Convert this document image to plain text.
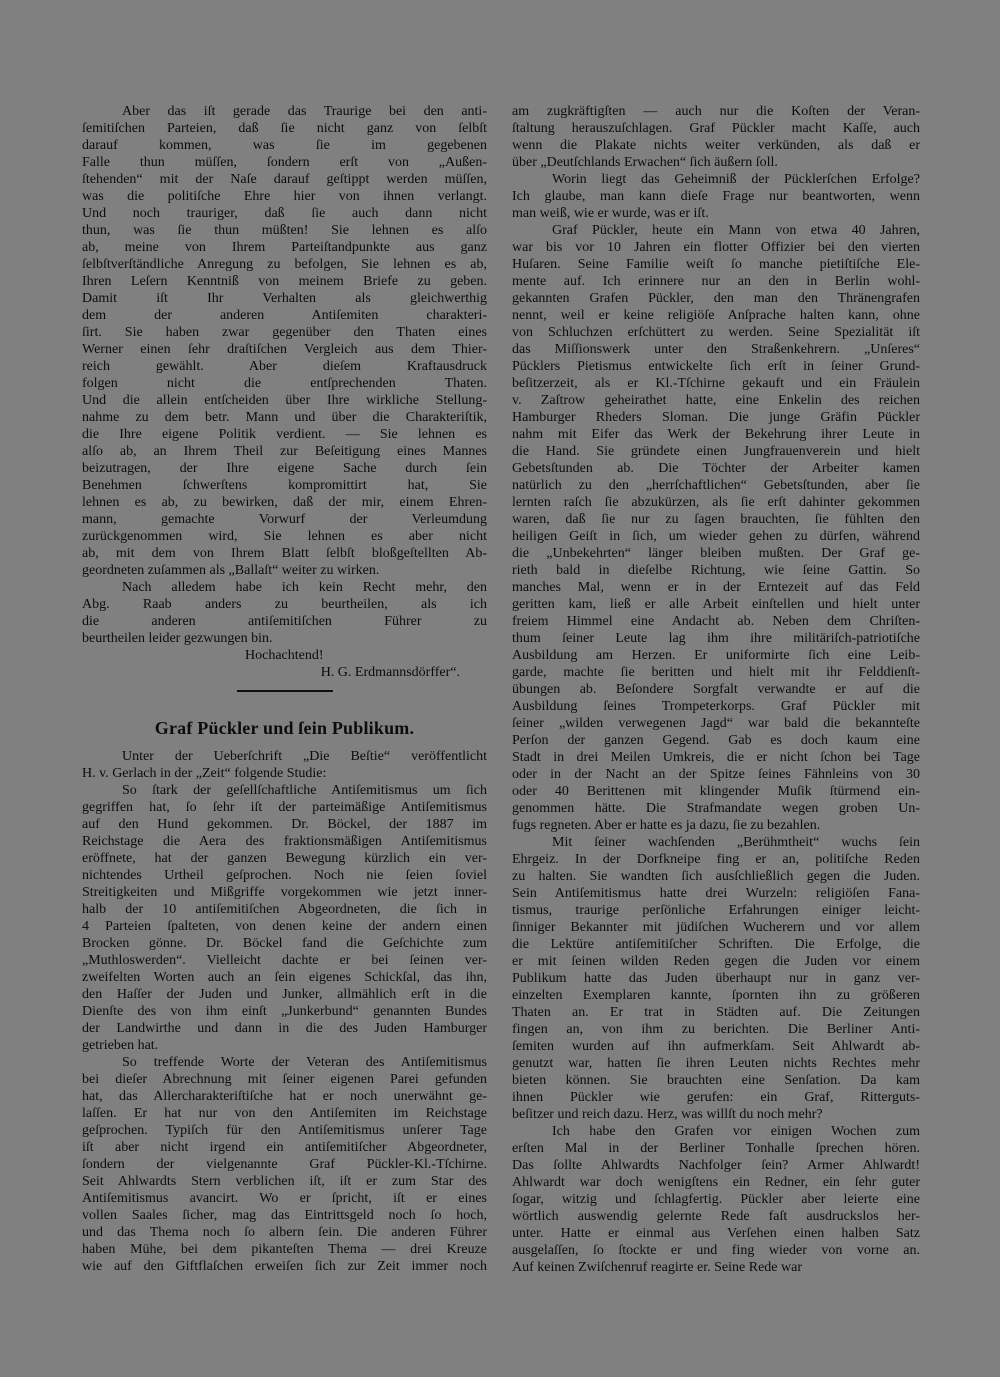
Aber das iſt gerade das Traurige bei den anti-
ſemitiſchen Parteien, daß ſie nicht ganz von ſelbſt
darauf kommen, was ſie im gegebenen
Falle thun müſſen, ſondern erſt von „Außen-
ſtehenden“ mit der Naſe darauf geſtippt werden müſſen,
was die politiſche Ehre hier von ihnen verlangt.
Und noch trauriger, daß ſie auch dann nicht
thun, was ſie thun müßten! Sie lehnen es alſo
ab, meine von Ihrem Parteiſtandpunkte aus ganz
ſelbſtverſtändliche Anregung zu befolgen, Sie lehnen es ab,
Ihren Leſern Kenntniß von meinem Briefe zu geben.
Damit iſt Ihr Verhalten als gleichwerthig
dem der anderen Antiſemiten charakteri-
ſirt. Sie haben zwar gegenüber den Thaten eines
Werner einen ſehr draſtiſchen Vergleich aus dem Thier-
reich gewählt. Aber dieſem Kraftausdruck
folgen nicht die entſprechenden Thaten.
Und die allein entſcheiden über Ihre wirkliche Stellung-
nahme zu dem betr. Mann und über die Charakteriſtik,
die Ihre eigene Politik verdient. — Sie lehnen es
alſo ab, an Ihrem Theil zur Beſeitigung eines Mannes
beizutragen, der Ihre eigene Sache durch ſein
Benehmen ſchwerſtens kompromittirt hat, Sie
lehnen es ab, zu bewirken, daß der mir, einem Ehren-
mann, gemachte Vorwurf der Verleumdung
zurückgenommen wird, Sie lehnen es aber nicht
ab, mit dem von Ihrem Blatt ſelbſt bloßgeſtellten Ab-
geordneten zuſammen als „Ballaſt“ weiter zu wirken.
Nach alledem habe ich kein Recht mehr, den
Abg. Raab anders zu beurtheilen, als ich
die anderen antiſemitiſchen Führer zu
beurtheilen leider gezwungen bin.
Hochachtend!
H. G. Erdmannsdörffer“.
Graf Pückler und ſein Publikum.
Unter der Ueberſchrift „Die Beſtie“ veröffentlicht
H. v. Gerlach in der „Zeit“ folgende Studie:
So ſtark der geſellſchaftliche Antiſemitismus um ſich
gegriffen hat, ſo ſehr iſt der parteimäßige Antiſemitismus
auf den Hund gekommen. Dr. Böckel, der 1887 im
Reichstage die Aera des fraktionsmäßigen Antiſemitismus
eröffnete, hat der ganzen Bewegung kürzlich ein ver-
nichtendes Urtheil geſprochen. Noch nie ſeien ſoviel
Streitigkeiten und Mißgriffe vorgekommen wie jetzt inner-
halb der 10 antiſemitiſchen Abgeordneten, die ſich in
4 Parteien ſpalteten, von denen keine der andern einen
Brocken gönne. Dr. Böckel fand die Geſchichte zum
„Muthloswerden“. Vielleicht dachte er bei ſeinen ver-
zweifelten Worten auch an ſein eigenes Schickſal, das ihn,
den Haſſer der Juden und Junker, allmählich erſt in die
Dienſte des von ihm einſt „Junkerbund“ genannten Bundes
der Landwirthe und dann in die des Juden Hamburger
getrieben hat.
So treffende Worte der Veteran des Antiſemitismus
bei dieſer Abrechnung mit ſeiner eigenen Parei gefunden
hat, das Allercharakteriſtiſche hat er noch unerwähnt ge-
laſſen. Er hat nur von den Antiſemiten im Reichstage
geſprochen. Typiſch für den Antiſemitismus unſerer Tage
iſt aber nicht irgend ein antiſemitiſcher Abgeordneter,
ſondern der vielgenannte Graf Pückler-Kl.-Tſchirne.
Seit Ahlwardts Stern verblichen iſt, iſt er zum Star des
Antiſemitismus avancirt. Wo er ſpricht, iſt er eines
vollen Saales ſicher, mag das Eintrittsgeld noch ſo hoch,
und das Thema noch ſo albern ſein. Die anderen Führer
haben Mühe, bei dem pikanteſten Thema — drei Kreuze
wie auf den Giftflaſchen erweiſen ſich zur Zeit immer noch
am zugkräftigſten — auch nur die Koſten der Veran-
ſtaltung herauszuſchlagen. Graf Pückler macht Kaſſe, auch
wenn die Plakate nichts weiter verkünden, als daß er
über „Deutſchlands Erwachen“ ſich äußern ſoll.
Worin liegt das Geheimniß der Pücklerſchen Erfolge?
Ich glaube, man kann dieſe Frage nur beantworten, wenn
man weiß, wie er wurde, was er iſt.
Graf Pückler, heute ein Mann von etwa 40 Jahren,
war bis vor 10 Jahren ein flotter Offizier bei den vierten
Huſaren. Seine Familie weiſt ſo manche pietiſtiſche Ele-
mente auf. Ich erinnere nur an den in Berlin wohl-
gekannten Grafen Pückler, den man den Thränengrafen
nennt, weil er keine religiöſe Anſprache halten kann, ohne
von Schluchzen erſchüttert zu werden. Seine Spezialität iſt
das Miſſionswerk unter den Straßenkehrern. „Unſeres“
Pücklers Pietismus entwickelte ſich erſt in ſeiner Grund-
beſitzerzeit, als er Kl.-Tſchirne gekauft und ein Fräulein
v. Zaſtrow geheirathet hatte, eine Enkelin des reichen
Hamburger Rheders Sloman. Die junge Gräfin Pückler
nahm mit Eifer das Werk der Bekehrung ihrer Leute in
die Hand. Sie gründete einen Jungfrauenverein und hielt
Gebetsſtunden ab. Die Töchter der Arbeiter kamen
natürlich zu den „herrſchaftlichen“ Gebetsſtunden, aber ſie
lernten raſch ſie abzukürzen, als ſie erſt dahinter gekommen
waren, daß ſie nur zu ſagen brauchten, ſie fühlten den
heiligen Geiſt in ſich, um wieder gehen zu dürfen, während
die „Unbekehrten“ länger bleiben mußten. Der Graf ge-
rieth bald in dieſelbe Richtung, wie ſeine Gattin. So
manches Mal, wenn er in der Erntezeit auf das Feld
geritten kam, ließ er alle Arbeit einſtellen und hielt unter
freiem Himmel eine Andacht ab. Neben dem Chriſten-
thum ſeiner Leute lag ihm ihre militäriſch-patriotiſche
Ausbildung am Herzen. Er uniformirte ſich eine Leib-
garde, machte ſie beritten und hielt mit ihr Felddienſt-
übungen ab. Beſondere Sorgfalt verwandte er auf die
Ausbildung ſeines Trompeterkorps. Graf Pückler mit
ſeiner „wilden verwegenen Jagd“ war bald die bekannteſte
Perſon der ganzen Gegend. Gab es doch kaum eine
Stadt in drei Meilen Umkreis, die er nicht ſchon bei Tage
oder in der Nacht an der Spitze ſeines Fähnleins von 30
oder 40 Berittenen mit klingender Muſik ſtürmend ein-
genommen hätte. Die Strafmandate wegen groben Un-
fugs regneten. Aber er hatte es ja dazu, ſie zu bezahlen.
Mit ſeiner wachſenden „Berühmtheit“ wuchs ſein
Ehrgeiz. In der Dorfkneipe fing er an, politiſche Reden
zu halten. Sie wandten ſich ausſchließlich gegen die Juden.
Sein Antiſemitismus hatte drei Wurzeln: religiöſen Fana-
tismus, traurige perſönliche Erfahrungen einiger leicht-
ſinniger Bekannter mit jüdiſchen Wucherern und vor allem
die Lektüre antiſemitiſcher Schriften. Die Erfolge, die
er mit ſeinen wilden Reden gegen die Juden vor einem
Publikum hatte das Juden überhaupt nur in ganz ver-
einzelten Exemplaren kannte, ſpornten ihn zu größeren
Thaten an. Er trat in Städten auf. Die Zeitungen
fingen an, von ihm zu berichten. Die Berliner Anti-
ſemiten wurden auf ihn aufmerkſam. Seit Ahlwardt ab-
genutzt war, hatten ſie ihren Leuten nichts Rechtes mehr
bieten können. Sie brauchten eine Senſation. Da kam
ihnen Pückler wie gerufen: ein Graf, Ritterguts-
beſitzer und reich dazu. Herz, was willſt du noch mehr?
Ich habe den Grafen vor einigen Wochen zum
erſten Mal in der Berliner Tonhalle ſprechen hören.
Das ſollte Ahlwardts Nachfolger ſein? Armer Ahlwardt!
Ahlwardt war doch wenigſtens ein Redner, ein ſehr guter
ſogar, witzig und ſchlagfertig. Pückler aber leierte eine
wörtlich auswendig gelernte Rede faſt ausdruckslos her-
unter. Hatte er einmal aus Verſehen einen halben Satz
ausgelaſſen, ſo ſtockte er und fing wieder von vorne an.
Auf keinen Zwiſchenruf reagirte er. Seine Rede war
